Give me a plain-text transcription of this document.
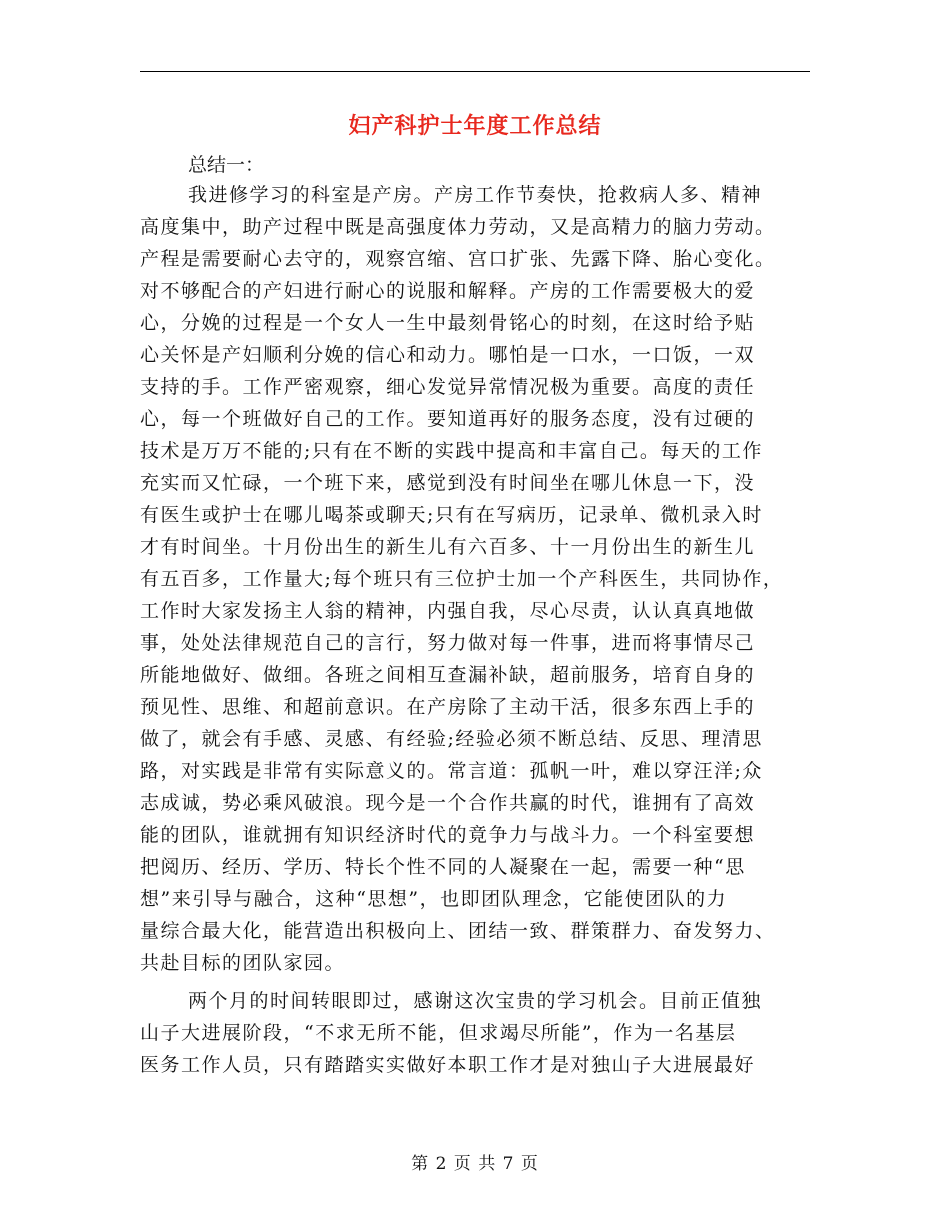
妇产科护士年度工作总结

总结一：

我进修学习的科室是产房。产房工作节奏快，抢救病人多、精神
高度集中，助产过程中既是高强度体力劳动，又是高精力的脑力劳动。
产程是需要耐心去守的，观察宫缩、宫口扩张、先露下降、胎心变化。
对不够配合的产妇进行耐心的说服和解释。产房的工作需要极大的爱
心，分娩的过程是一个女人一生中最刻骨铭心的时刻，在这时给予贴
心关怀是产妇顺利分娩的信心和动力。哪怕是一口水，一口饭，一双
支持的手。工作严密观察，细心发觉异常情况极为重要。高度的责任
心，每一个班做好自己的工作。要知道再好的服务态度，没有过硬的
技术是万万不能的;只有在不断的实践中提高和丰富自己。每天的工作
充实而又忙碌，一个班下来，感觉到没有时间坐在哪儿休息一下，没
有医生或护士在哪儿喝茶或聊天;只有在写病历，记录单、微机录入时
才有时间坐。十月份出生的新生儿有六百多、十一月份出生的新生儿
有五百多，工作量大;每个班只有三位护士加一个产科医生，共同协作，
工作时大家发扬主人翁的精神，内强自我，尽心尽责，认认真真地做
事，处处法律规范自己的言行，努力做对每一件事，进而将事情尽己
所能地做好、做细。各班之间相互查漏补缺，超前服务，培育自身的
预见性、思维、和超前意识。在产房除了主动干活，很多东西上手的
做了，就会有手感、灵感、有经验;经验必须不断总结、反思、理清思
路，对实践是非常有实际意义的。常言道：孤帆一叶，难以穿汪洋;众
志成诚，势必乘风破浪。现今是一个合作共赢的时代，谁拥有了高效
能的团队，谁就拥有知识经济时代的竟争力与战斗力。一个科室要想
把阅历、经历、学历、特长个性不同的人凝聚在一起，需要一种“思
想”来引导与融合，这种“思想”，也即团队理念，它能使团队的力
量综合最大化，能营造出积极向上、团结一致、群策群力、奋发努力、
共赴目标的团队家园。
两个月的时间转眼即过，感谢这次宝贵的学习机会。目前正值独
山子大进展阶段，“不求无所不能，但求竭尽所能”，作为一名基层
医务工作人员，只有踏踏实实做好本职工作才是对独山子大进展最好
第 2 页 共 7 页
